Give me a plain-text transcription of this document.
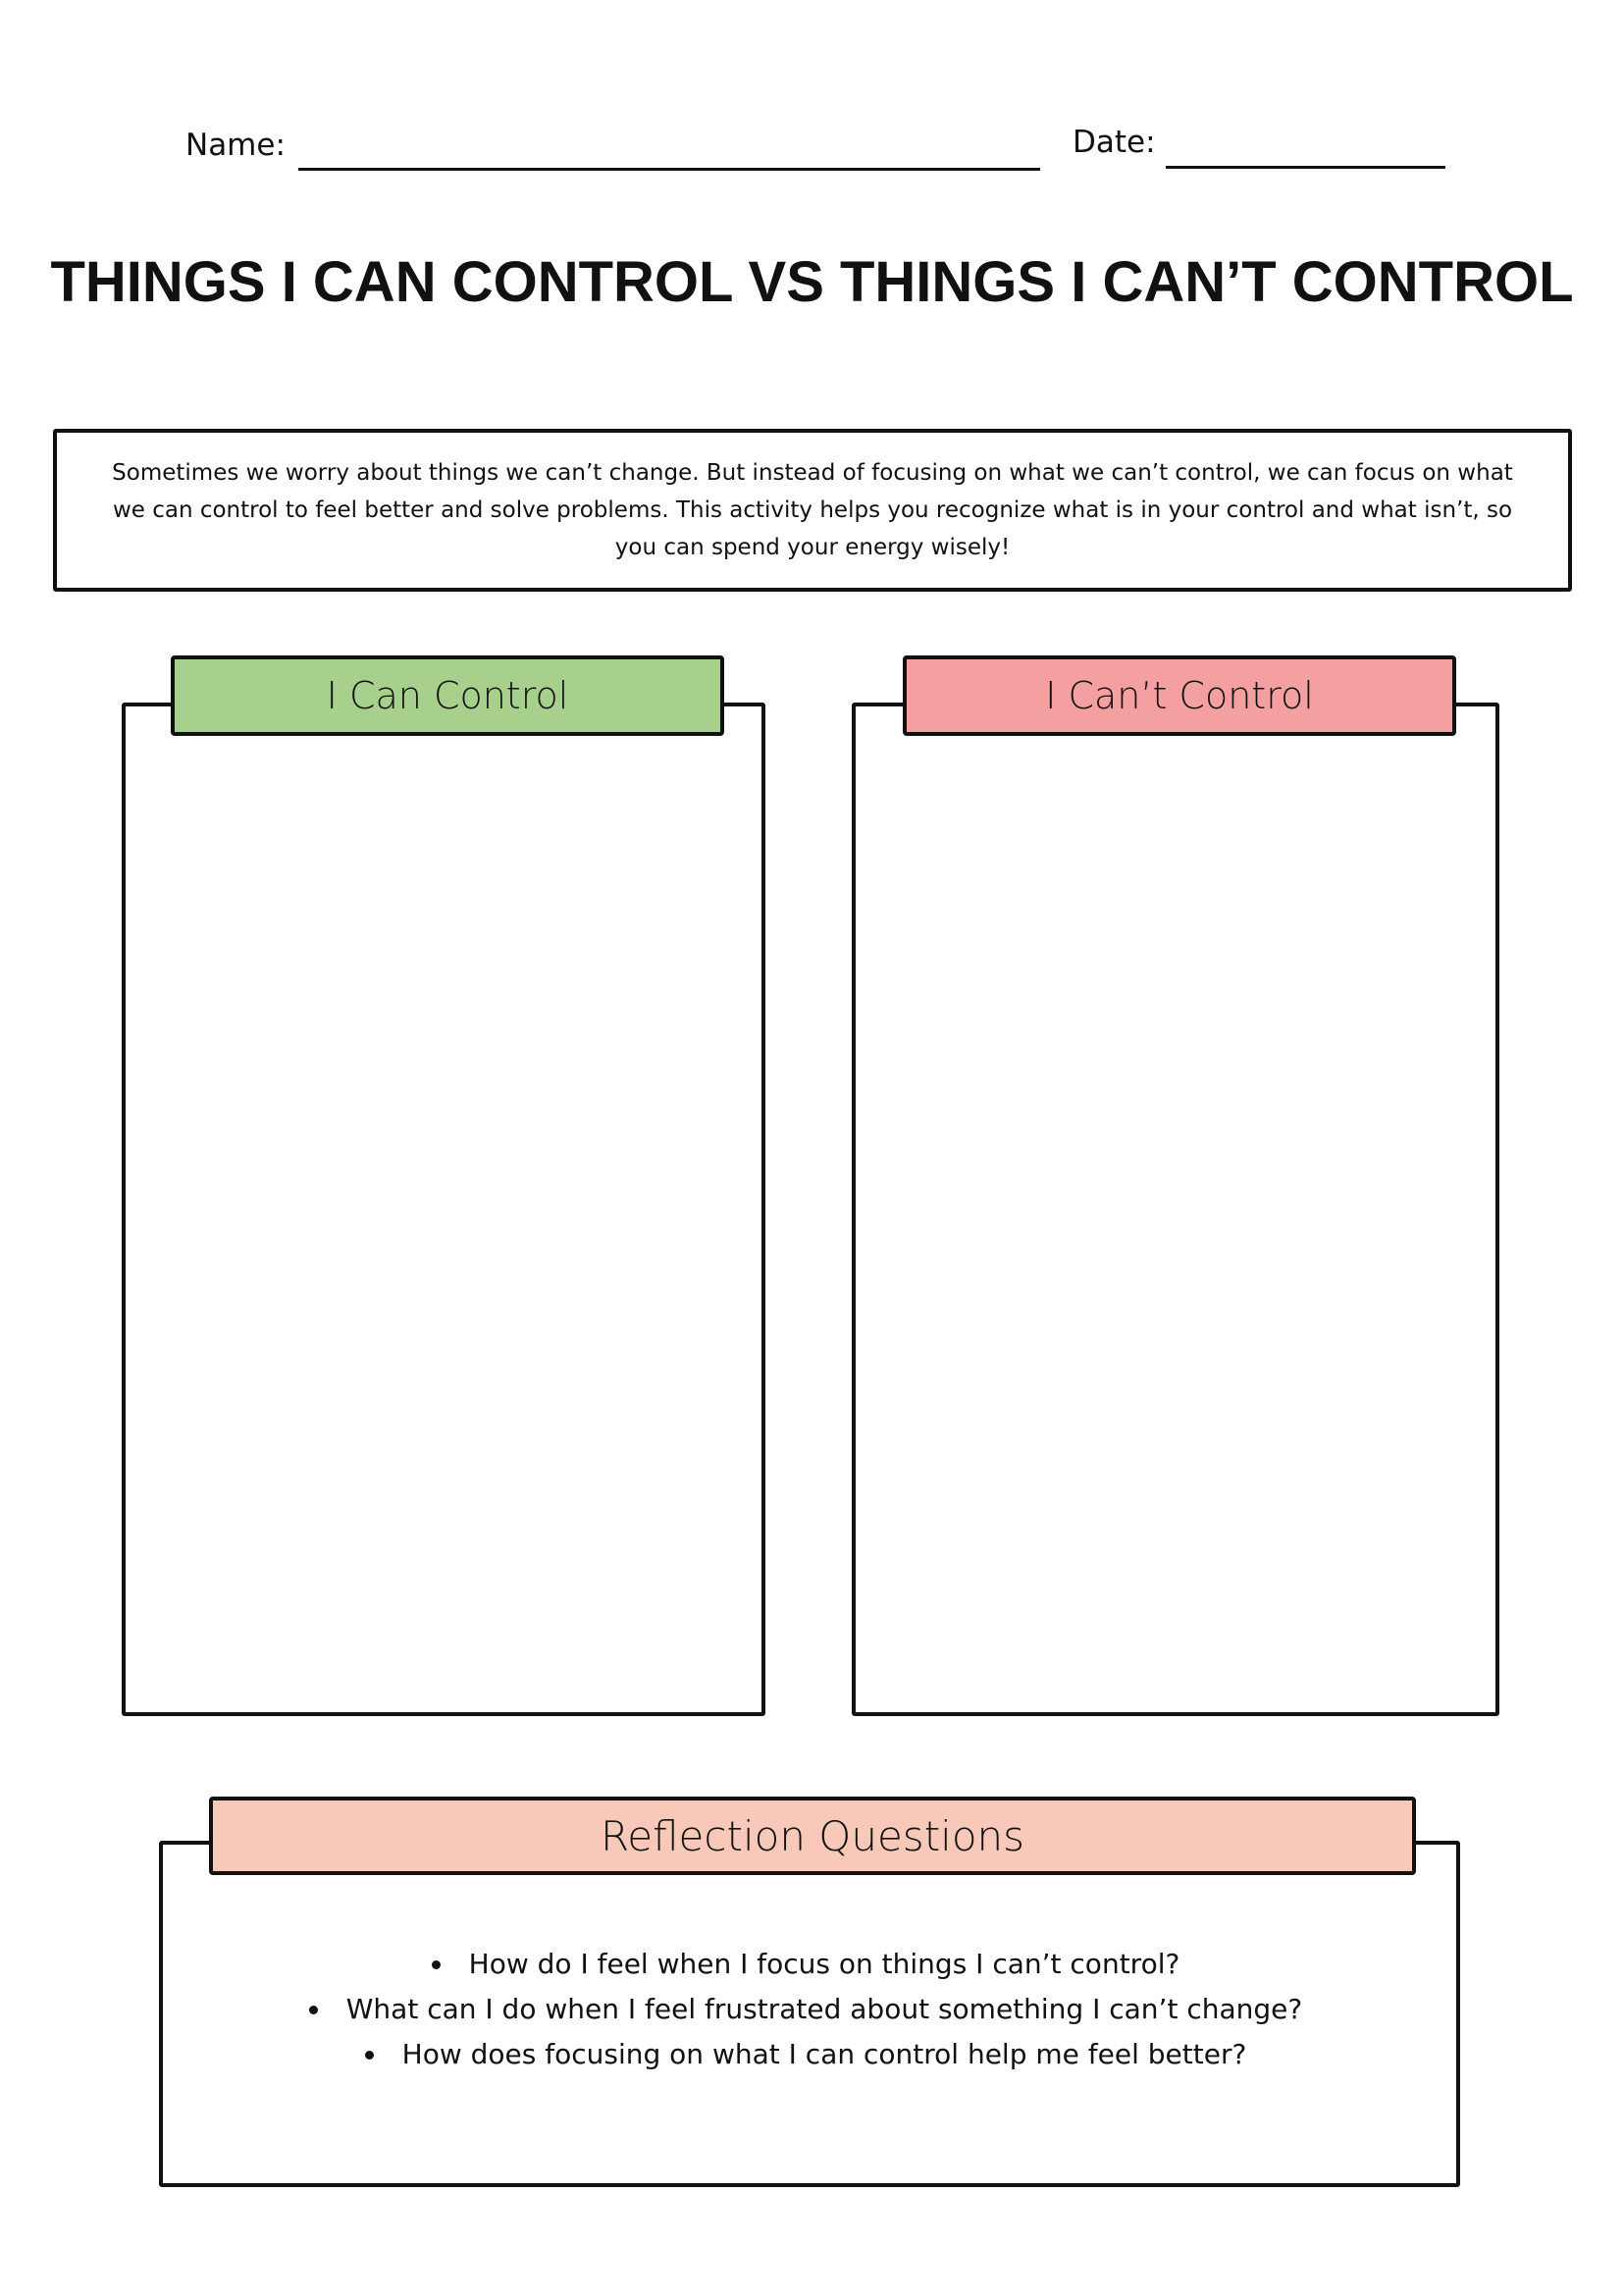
Name:	Date:
THINGS I CAN CONTROL VS THINGS I CAN’T CONTROL
Sometimes we worry about things we can’t change. But instead of focusing on what we can’t control, we can focus on what we can control to feel better and solve problems. This activity helps you recognize what is in your control and what isn’t, so you can spend your energy wisely!
I Can Control	I Can’t Control
Reflection Questions
• How do I feel when I focus on things I can’t control?
• What can I do when I feel frustrated about something I can’t change?
• How does focusing on what I can control help me feel better?
